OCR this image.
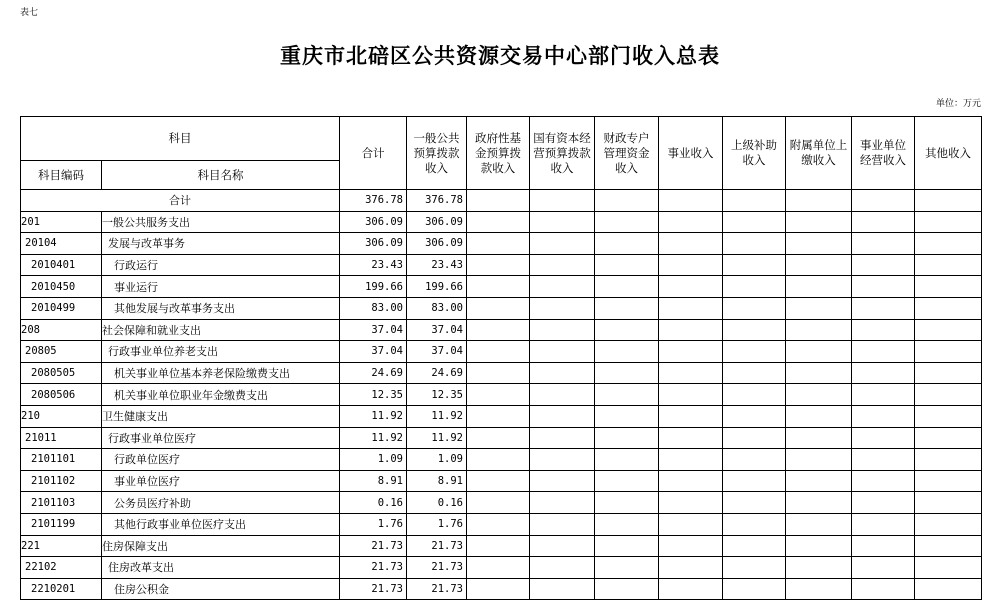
表七
重庆市北碚区公共资源交易中心部门收入总表
单位：万元
科目		合计	一般公共预算拨款收入	政府性基金预算拨款收入	国有资本经营预算拨款收入	财政专户管理资金收入	事业收入	上级补助收入	附属单位上缴收入	事业单位经营收入	其他收入
科目编码	科目名称										
合计		376.78	376.78								
201	一般公共服务支出	306.09	306.09								
20104	发展与改革事务	306.09	306.09								
2010401	行政运行	23.43	23.43								
2010450	事业运行	199.66	199.66								
2010499	其他发展与改革事务支出	83.00	83.00								
208	社会保障和就业支出	37.04	37.04								
20805	行政事业单位养老支出	37.04	37.04								
2080505	机关事业单位基本养老保险缴费支出	24.69	24.69								
2080506	机关事业单位职业年金缴费支出	12.35	12.35								
210	卫生健康支出	11.92	11.92								
21011	行政事业单位医疗	11.92	11.92								
2101101	行政单位医疗	1.09	1.09								
2101102	事业单位医疗	8.91	8.91								
2101103	公务员医疗补助	0.16	0.16								
2101199	其他行政事业单位医疗支出	1.76	1.76								
221	住房保障支出	21.73	21.73								
22102	住房改革支出	21.73	21.73								
2210201	住房公积金	21.73	21.73								
